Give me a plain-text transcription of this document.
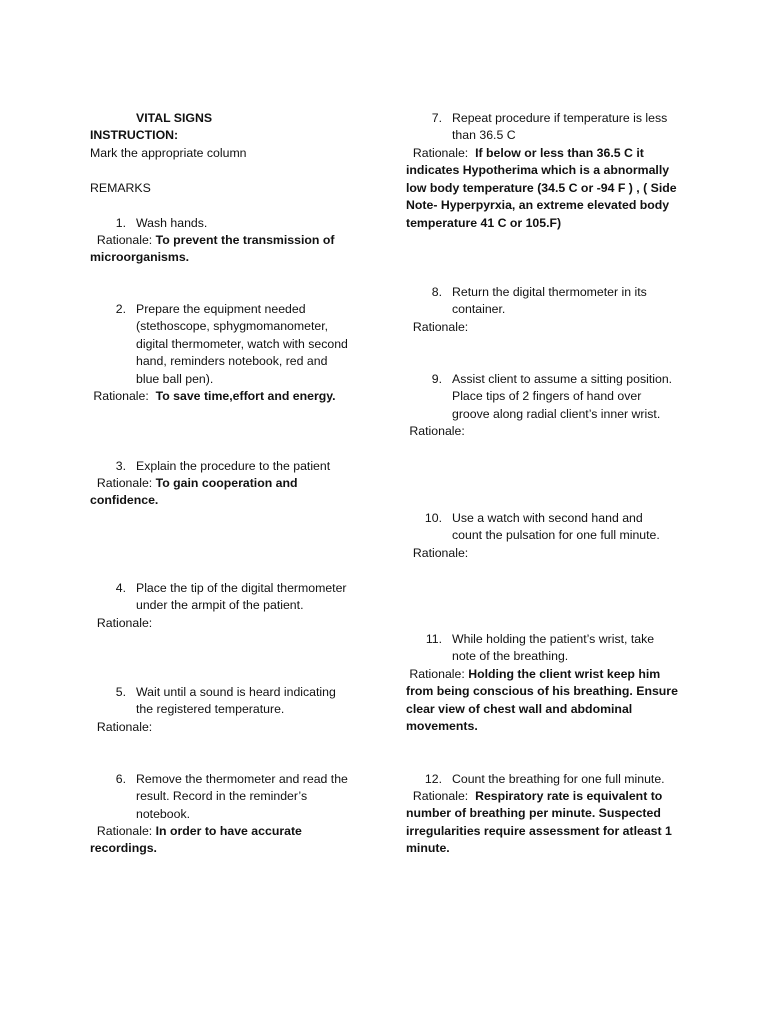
VITAL SIGNS
INSTRUCTION:
Mark the appropriate column
REMARKS
1. Wash hands.
Rationale: To prevent the transmission of
microorganisms.
2. Prepare the equipment needed
(stethoscope, sphygmomanometer,
digital thermometer, watch with second
hand, reminders notebook, red and
blue ball pen).
Rationale: To save time,effort and energy.
3. Explain the procedure to the patient
Rationale: To gain cooperation and
confidence.
4. Place the tip of the digital thermometer
under the armpit of the patient.
Rationale:
5. Wait until a sound is heard indicating
the registered temperature.
Rationale:
6. Remove the thermometer and read the
result. Record in the reminder’s
notebook.
Rationale: In order to have accurate
recordings.
7. Repeat procedure if temperature is less
than 36.5 C
Rationale: If below or less than 36.5 C it
indicates Hypotherima which is a abnormally
low body temperature (34.5 C or -94 F ) , ( Side
Note- Hyperpyrxia, an extreme elevated body
temperature 41 C or 105.F)
8. Return the digital thermometer in its
container.
Rationale:
9. Assist client to assume a sitting position.
Place tips of 2 fingers of hand over
groove along radial client’s inner wrist.
Rationale:
10. Use a watch with second hand and
count the pulsation for one full minute.
Rationale:
11. While holding the patient’s wrist, take
note of the breathing.
Rationale: Holding the client wrist keep him
from being conscious of his breathing. Ensure
clear view of chest wall and abdominal
movements.
12. Count the breathing for one full minute.
Rationale: Respiratory rate is equivalent to
number of breathing per minute. Suspected
irregularities require assessment for atleast 1
minute.
